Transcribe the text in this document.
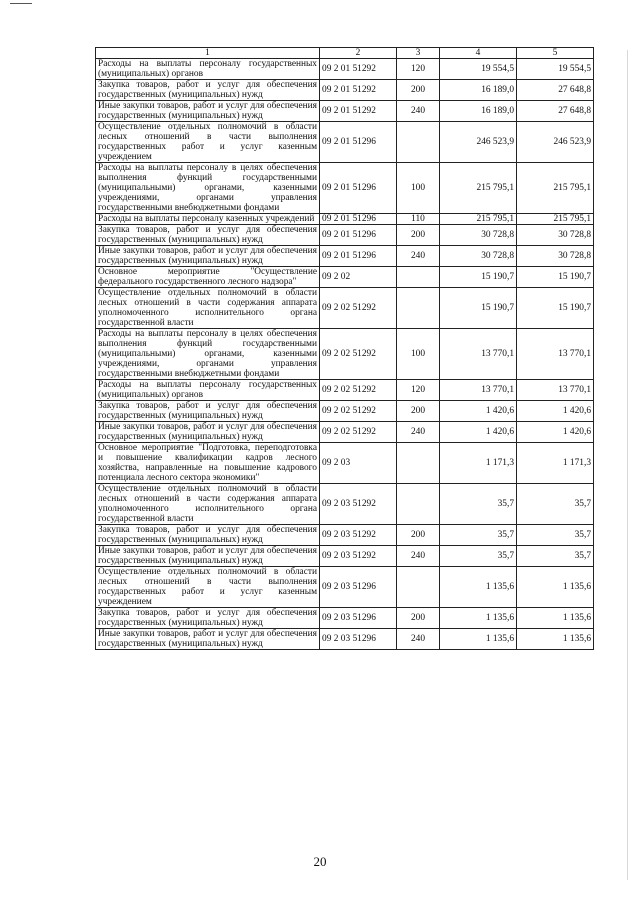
1	2	3	4	5
Расходы на выплаты персоналу государственных (муниципальных) органов	09 2 01 51292	120	19 554,5	19 554,5
Закупка товаров, работ и услуг для обеспечения государственных (муниципальных) нужд	09 2 01 51292	200	16 189,0	27 648,8
Иные закупки товаров, работ и услуг для обеспечения государственных (муниципальных) нужд	09 2 01 51292	240	16 189,0	27 648,8
Осуществление отдельных полномочий в области лесных отношений в части выполнения государственных работ и услуг казенным учреждением	09 2 01 51296		246 523,9	246 523,9
Расходы на выплаты персоналу в целях обеспечения выполнения функций государственными (муниципальными) органами, казенными учреждениями, органами управления государственными внебюджетными фондами	09 2 01 51296	100	215 795,1	215 795,1
Расходы на выплаты персоналу казенных учреждений	09 2 01 51296	110	215 795,1	215 795,1
Закупка товаров, работ и услуг для обеспечения государственных (муниципальных) нужд	09 2 01 51296	200	30 728,8	30 728,8
Иные закупки товаров, работ и услуг для обеспечения государственных (муниципальных) нужд	09 2 01 51296	240	30 728,8	30 728,8
Основное мероприятие "Осуществление федерального государственного лесного надзора"	09 2 02		15 190,7	15 190,7
Осуществление отдельных полномочий в области лесных отношений в части содержания аппарата уполномоченного исполнительного органа государственной власти	09 2 02 51292		15 190,7	15 190,7
Расходы на выплаты персоналу в целях обеспечения выполнения функций государственными (муниципальными) органами, казенными учреждениями, органами управления государственными внебюджетными фондами	09 2 02 51292	100	13 770,1	13 770,1
Расходы на выплаты персоналу государственных (муниципальных) органов	09 2 02 51292	120	13 770,1	13 770,1
Закупка товаров, работ и услуг для обеспечения государственных (муниципальных) нужд	09 2 02 51292	200	1 420,6	1 420,6
Иные закупки товаров, работ и услуг для обеспечения государственных (муниципальных) нужд	09 2 02 51292	240	1 420,6	1 420,6
Основное мероприятие "Подготовка, переподготовка и повышение квалификации кадров лесного хозяйства, направленные на повышение кадрового потенциала лесного сектора экономики"	09 2 03		1 171,3	1 171,3
Осуществление отдельных полномочий в области лесных отношений в части содержания аппарата уполномоченного исполнительного органа государственной власти	09 2 03 51292		35,7	35,7
Закупка товаров, работ и услуг для обеспечения государственных (муниципальных) нужд	09 2 03 51292	200	35,7	35,7
Иные закупки товаров, работ и услуг для обеспечения государственных (муниципальных) нужд	09 2 03 51292	240	35,7	35,7
Осуществление отдельных полномочий в области лесных отношений в части выполнения государственных работ и услуг казенным учреждением	09 2 03 51296		1 135,6	1 135,6
Закупка товаров, работ и услуг для обеспечения государственных (муниципальных) нужд	09 2 03 51296	200	1 135,6	1 135,6
Иные закупки товаров, работ и услуг для обеспечения государственных (муниципальных) нужд	09 2 03 51296	240	1 135,6	1 135,6
20
